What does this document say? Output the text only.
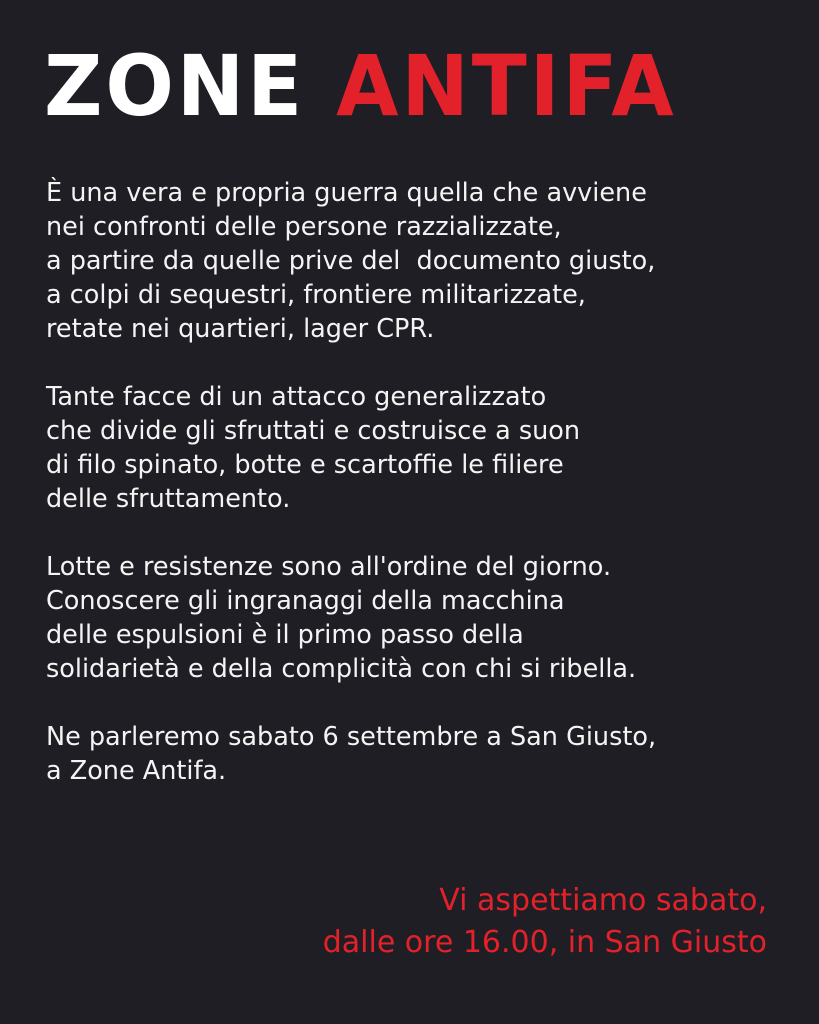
ZONE ANTIFA

È una vera e propria guerra quella che avviene
nei confronti delle persone razzializzate,
a partire da quelle prive del  documento giusto,
a colpi di sequestri, frontiere militarizzate,
retate nei quartieri, lager CPR.

Tante facce di un attacco generalizzato
che divide gli sfruttati e costruisce a suon
di filo spinato, botte e scartoffie le filiere
delle sfruttamento.

Lotte e resistenze sono all'ordine del giorno.
Conoscere gli ingranaggi della macchina
delle espulsioni è il primo passo della
solidarietà e della complicità con chi si ribella.

Ne parleremo sabato 6 settembre a San Giusto,
a Zone Antifa.

Vi aspettiamo sabato,
dalle ore 16.00, in San Giusto
